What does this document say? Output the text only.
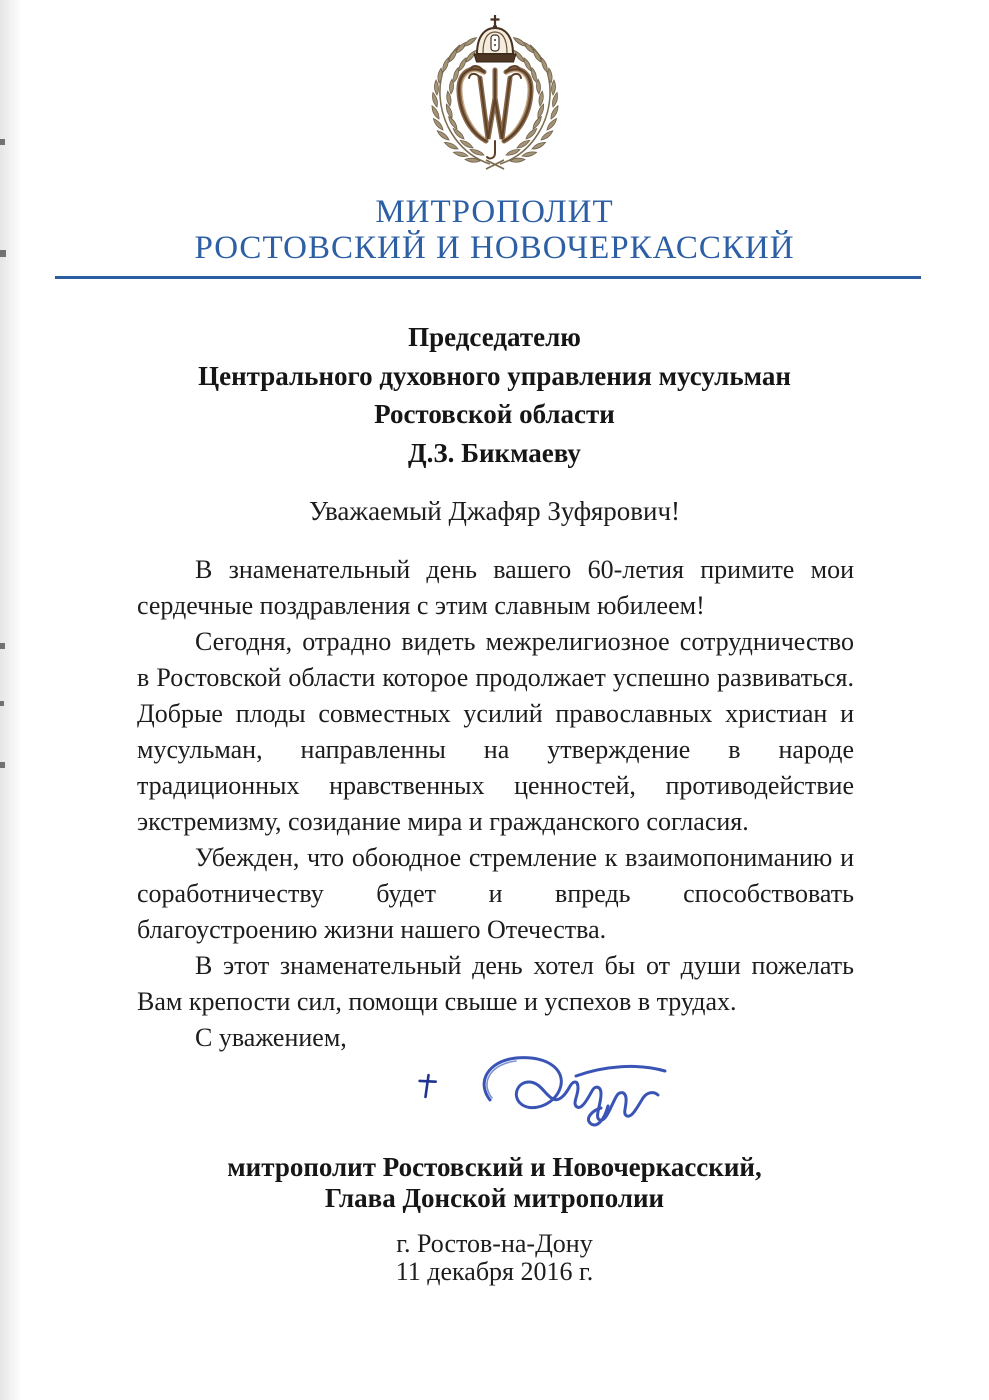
МИТРОПОЛИТ
РОСТОВСКИЙ И НОВОЧЕРКАССКИЙ
Председателю
Центрального духовного управления мусульман
Ростовской области
Д.З. Бикмаеву
Уважаемый Джафяр Зуфярович!

В знаменательный день вашего 60-летия примите мои сердечные поздравления с этим славным юбилеем!

Сегодня, отрадно видеть межрелигиозное сотрудничество в Ростовской области которое продолжает успешно развиваться. Добрые плоды совместных усилий православных христиан и мусульман, направленны на утверждение в народе традиционных нравственных ценностей, противодействие экстремизму, созидание мира и гражданского согласия.

Убежден, что обоюдное стремление к взаимопониманию и соработничеству будет и впредь способствовать благоустроению жизни нашего Отечества.

В этот знаменательный день хотел бы от души пожелать Вам крепости сил, помощи свыше и успехов в трудах.

С уважением,

митрополит Ростовский и Новочеркасский,
Глава Донской митрополии
г. Ростов-на-Дону
11 декабря 2016 г.
